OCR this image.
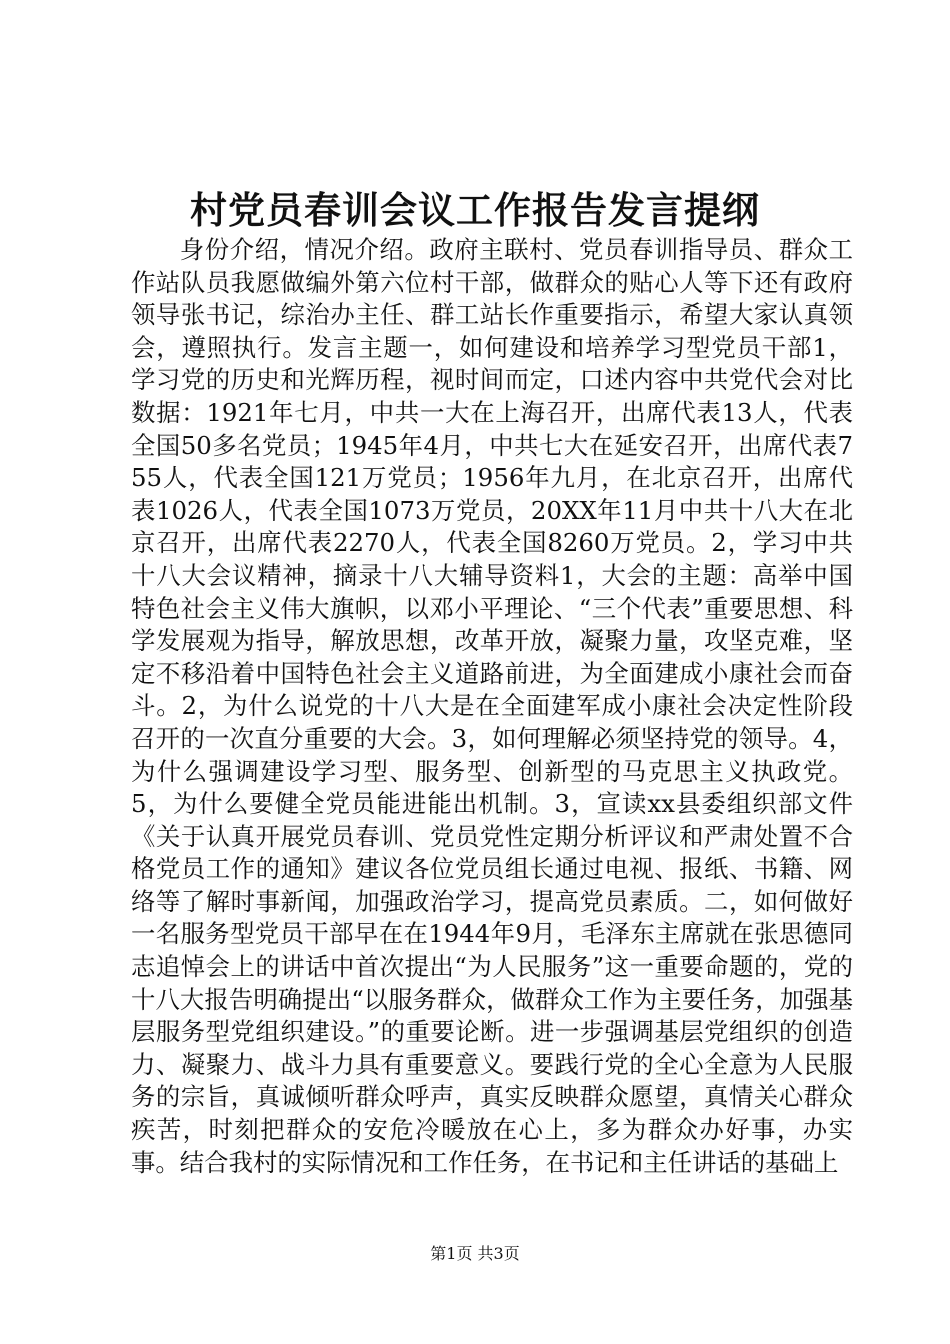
村党员春训会议工作报告发言提纲

身份介绍，情况介绍。政府主联村、党员春训指导员、群众工作站队员我愿做编外第六位村干部，做群众的贴心人等下还有政府领导张书记，综治办主任、群工站长作重要指示，希望大家认真领会，遵照执行。发言主题一，如何建设和培养学习型党员干部1，学习党的历史和光辉历程，视时间而定，口述内容中共党代会对比数据：1921年七月，中共一大在上海召开，出席代表13人，代表全国50多名党员；1945年4月，中共七大在延安召开，出席代表755人，代表全国121万党员；1956年九月，在北京召开，出席代表1026人，代表全国1073万党员，20XX年11月中共十八大在北京召开，出席代表2270人，代表全国8260万党员。2，学习中共十八大会议精神，摘录十八大辅导资料1，大会的主题：高举中国特色社会主义伟大旗帜，以邓小平理论、“三个代表”重要思想、科学发展观为指导，解放思想，改革开放，凝聚力量，攻坚克难，坚定不移沿着中国特色社会主义道路前进，为全面建成小康社会而奋斗。2，为什么说党的十八大是在全面建军成小康社会决定性阶段召开的一次直分重要的大会。3，如何理解必须坚持党的领导。4，为什么强调建设学习型、服务型、创新型的马克思主义执政党。5，为什么要健全党员能进能出机制。3，宣读xx县委组织部文件《关于认真开展党员春训、党员党性定期分析评议和严肃处置不合格党员工作的通知》建议各位党员组长通过电视、报纸、书籍、网络等了解时事新闻，加强政治学习，提高党员素质。二，如何做好一名服务型党员干部早在在1944年9月，毛泽东主席就在张思德同志追悼会上的讲话中首次提出“为人民服务”这一重要命题的，党的十八大报告明确提出“以服务群众，做群众工作为主要任务，加强基层服务型党组织建设。”的重要论断。进一步强调基层党组织的创造力、凝聚力、战斗力具有重要意义。要践行党的全心全意为人民服务的宗旨，真诚倾听群众呼声，真实反映群众愿望，真情关心群众疾苦，时刻把群众的安危冷暖放在心上，多为群众办好事，办实事。结合我村的实际情况和工作任务，在书记和主任讲话的基础上

第1页 共3页
